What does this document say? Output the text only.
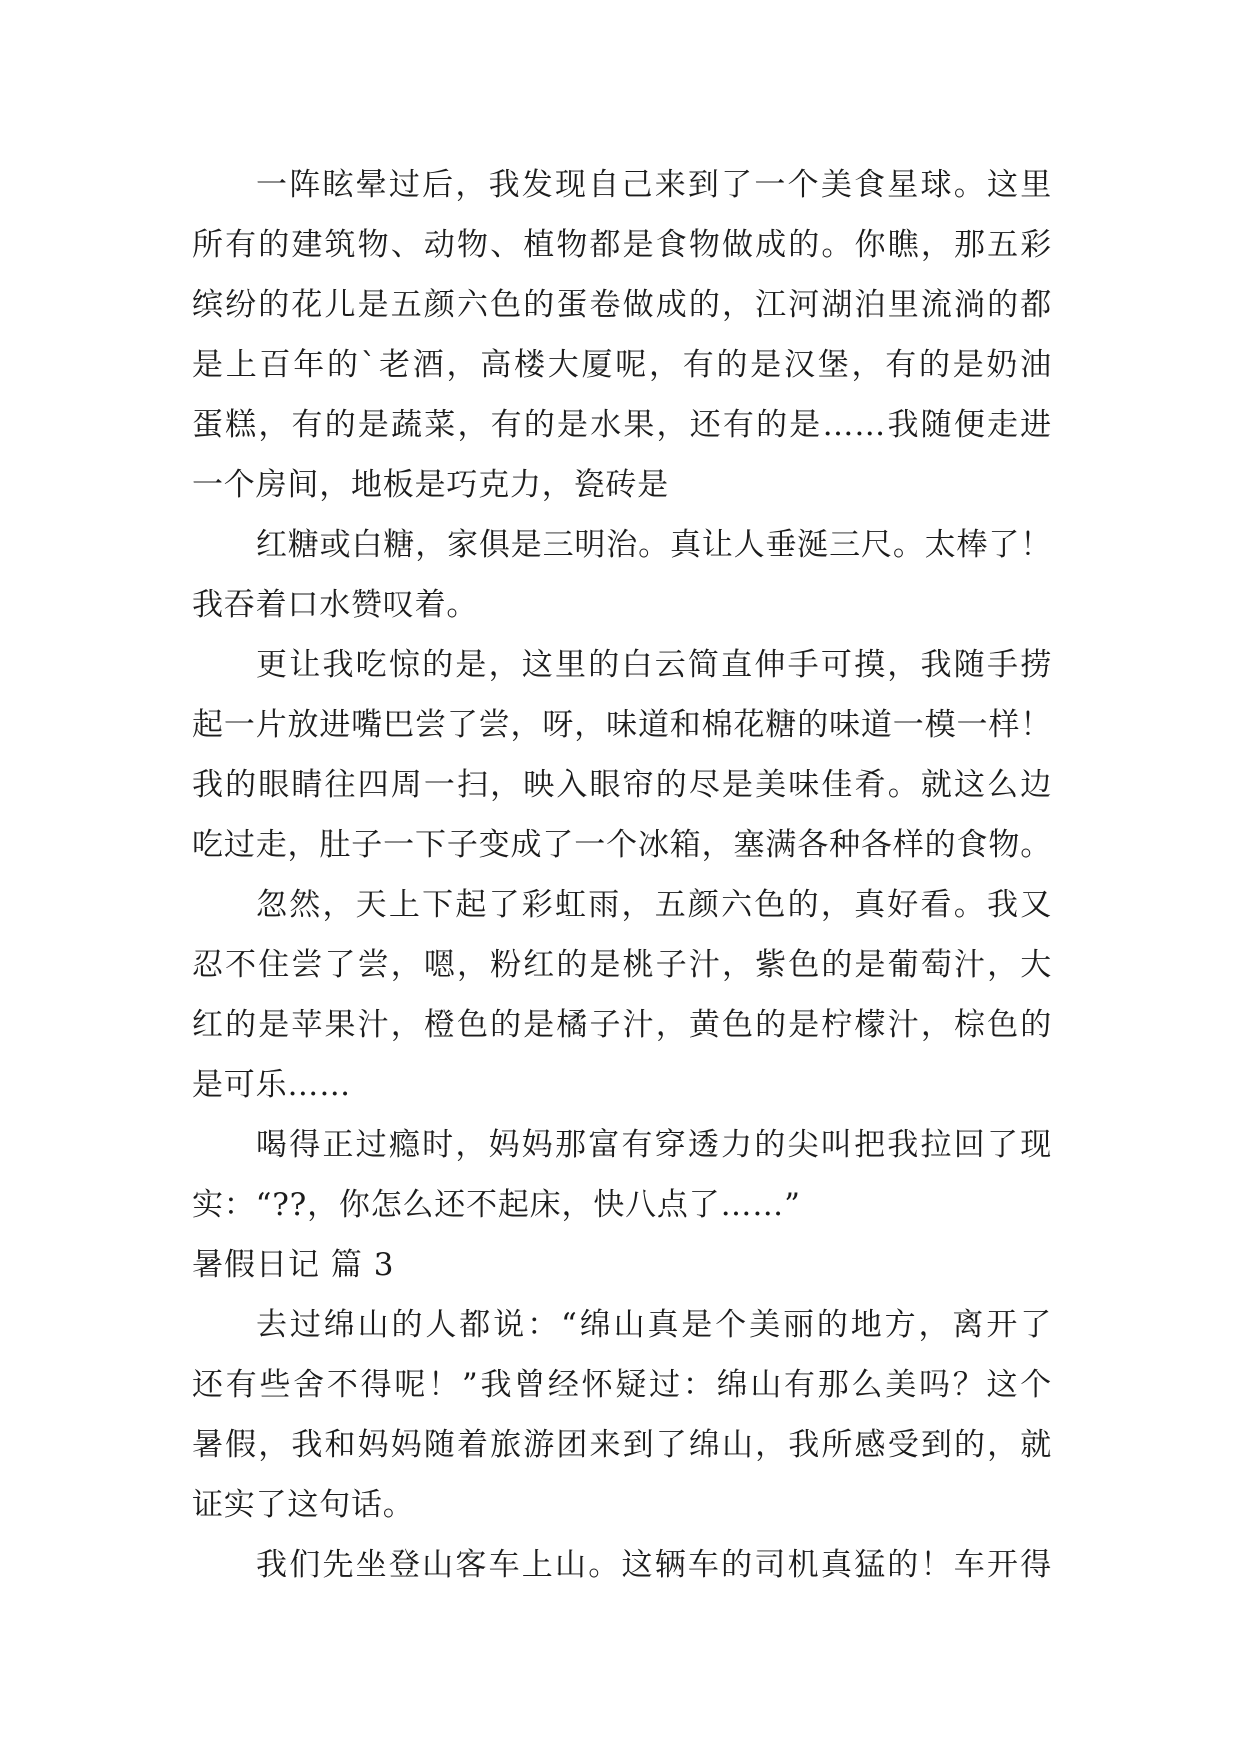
一阵眩晕过后，我发现自己来到了一个美食星球。这里
所有的建筑物、动物、植物都是食物做成的。你瞧，那五彩
缤纷的花儿是五颜六色的蛋卷做成的，江河湖泊里流淌的都
是上百年的`老酒，高楼大厦呢，有的是汉堡，有的是奶油
蛋糕，有的是蔬菜，有的是水果，还有的是……我随便走进
一个房间，地板是巧克力，瓷砖是
红糖或白糖，家俱是三明治。真让人垂涎三尺。太棒了！
我吞着口水赞叹着。
更让我吃惊的是，这里的白云简直伸手可摸，我随手捞
起一片放进嘴巴尝了尝，呀，味道和棉花糖的味道一模一样！
我的眼睛往四周一扫，映入眼帘的尽是美味佳肴。就这么边
吃过走，肚子一下子变成了一个冰箱，塞满各种各样的食物。
忽然，天上下起了彩虹雨，五颜六色的，真好看。我又
忍不住尝了尝，嗯，粉红的是桃子汁，紫色的是葡萄汁，大
红的是苹果汁，橙色的是橘子汁，黄色的是柠檬汁，棕色的
是可乐……
喝得正过瘾时，妈妈那富有穿透力的尖叫把我拉回了现
实：“??，你怎么还不起床，快八点了……”
暑假日记 篇 3
去过绵山的人都说：“绵山真是个美丽的地方，离开了
还有些舍不得呢！”我曾经怀疑过：绵山有那么美吗？这个
暑假，我和妈妈随着旅游团来到了绵山，我所感受到的，就
证实了这句话。
我们先坐登山客车上山。这辆车的司机真猛的！车开得
